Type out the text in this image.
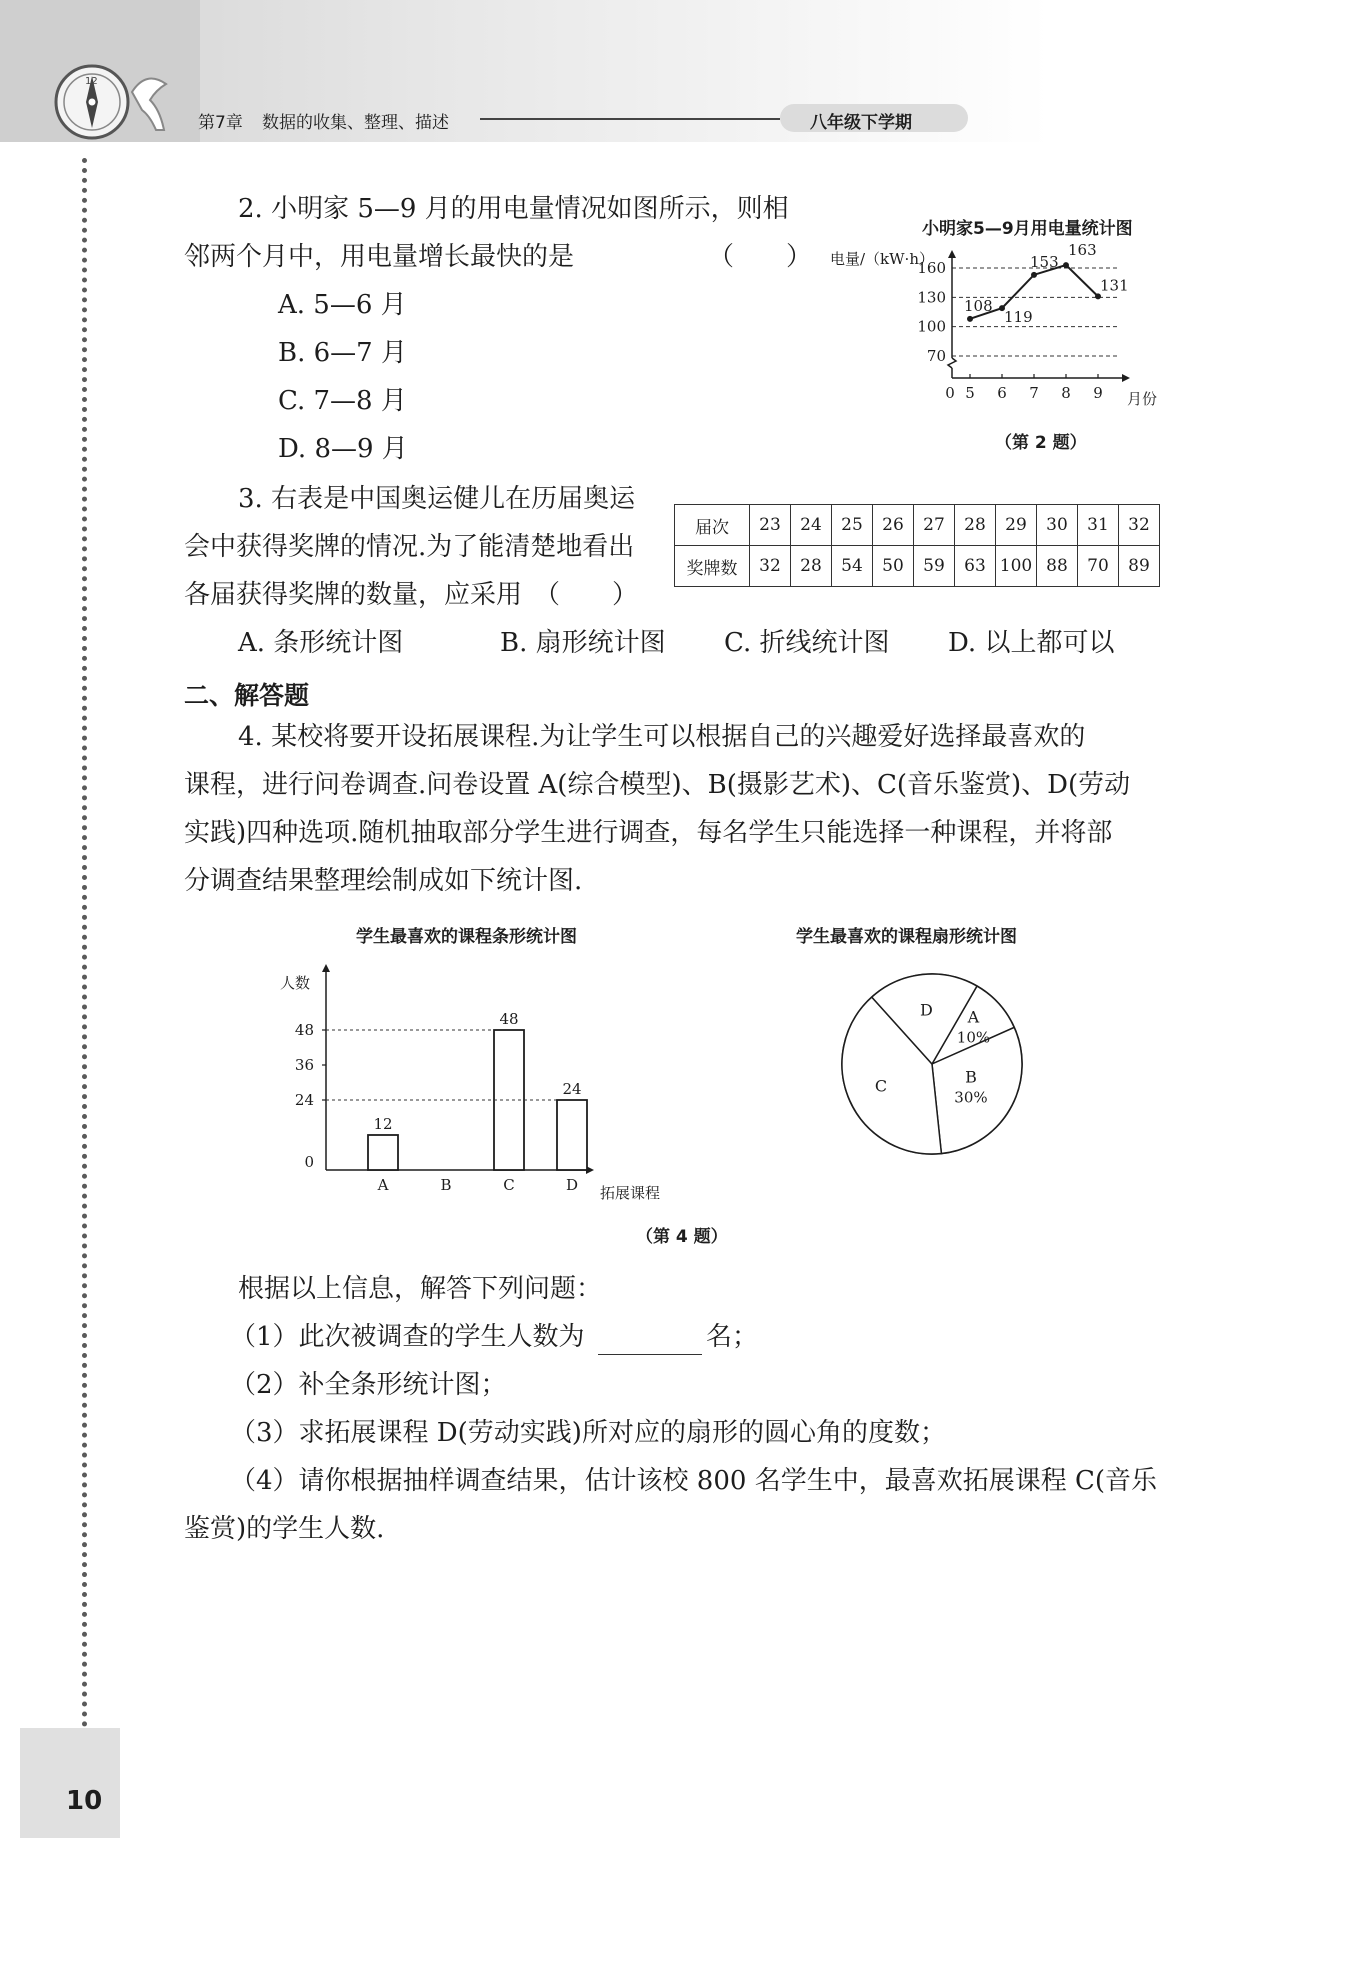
12
第7章 数据的收集、整理、描述	八年级下学期
2. 小明家 5—9 月的用电量情况如图所示，则相
邻两个月中，用电量增长最快的是	（　　）
A. 5—6 月
B. 6—7 月
C. 7—8 月
D. 8—9 月
小明家5—9月用电量统计图
电量/（kW·h）
70
100
130
160
0 5 6 7 8 9
108
119
153
163
131
月份
（第 2 题）
3. 右表是中国奥运健儿在历届奥运
会中获得奖牌的情况.为了能清楚地看出
各届获得奖牌的数量，应采用 （　　）
届次	23	24	25	26	27	28	29	30	31	32
奖牌数	32	28	54	50	59	63	100	88	70	89
A. 条形统计图	B. 扇形统计图 C. 折线统计图 D. 以上都可以
二、解答题
4. 某校将要开设拓展课程.为让学生可以根据自己的兴趣爱好选择最喜欢的
课程，进行问卷调查.问卷设置 A(综合模型)、B(摄影艺术)、C(音乐鉴赏)、D(劳动
实践)四种选项.随机抽取部分学生进行调查，每名学生只能选择一种课程，并将部
分调查结果整理绘制成如下统计图.
学生最喜欢的课程条形统计图
人数
0
24
36
48
12
48
24
A	B	C	D 拓展课程
学生最喜欢的课程扇形统计图
A
10%
B
30%
C
D
（第 4 题）
根据以上信息，解答下列问题：
（1）此次被调查的学生人数为	名；
（2）补全条形统计图；
（3）求拓展课程 D(劳动实践)所对应的扇形的圆心角的度数；
（4）请你根据抽样调查结果，估计该校 800 名学生中，最喜欢拓展课程 C(音乐
鉴赏)的学生人数.
10
